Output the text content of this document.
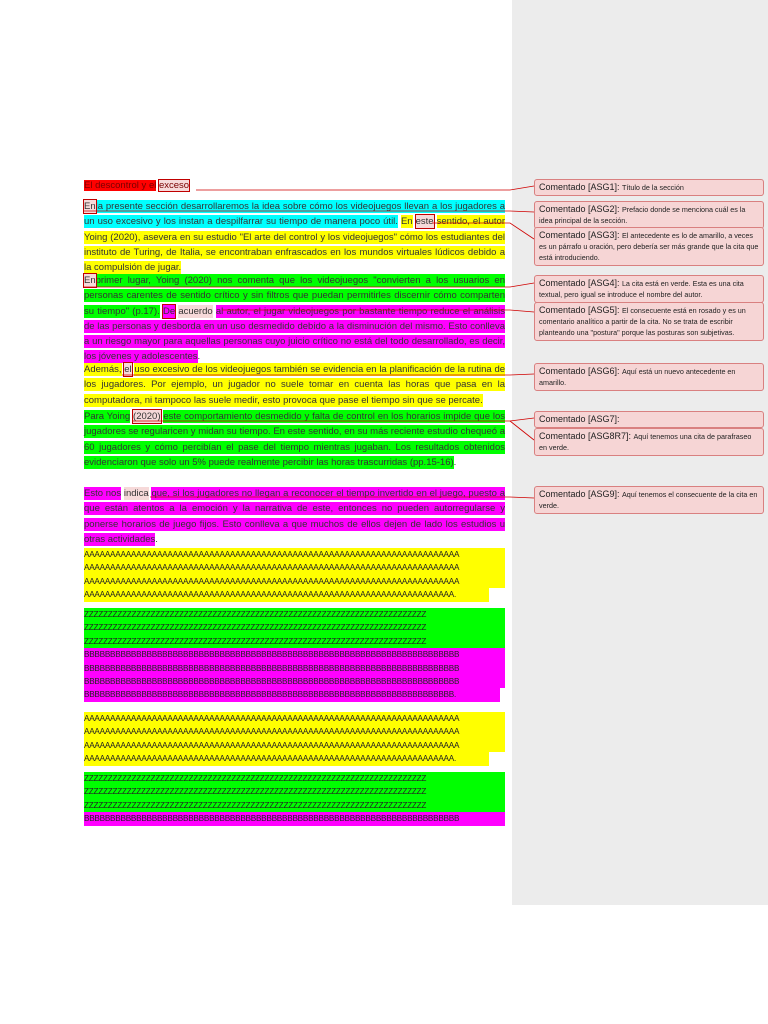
El descontrol y el exceso
Enla presente sección desarrollaremos la idea sobre cómo los videojuegos llevan a los jugadores a un uso excesivo y los instan a despilfarrar su tiempo de manera poco útil. En este sentido, el autor Yoing (2020), asevera en su estudio "El arte del control y los videojuegos" cómo los estudiantes del instituto de Turing, de Italia, se encontraban enfrascados en los mundos virtuales lúdicos debido a la compulsión de jugar.
Enprimer lugar, Yoing (2020) nos comenta que los videojuegos "convierten a los usuarios en personas carentes de sentido crítico y sin filtros que puedan permitirles discernir cómo comparten su tiempo" (p.17). De acuerdo al autor, el jugar videojuegos por bastante tiempo reduce el análisis de las personas y desborda en un uso desmedido debido a la disminución del mismo. Esto conlleva a un riesgo mayor para aquellas personas cuyo juicio crítico no está del todo desarrollado, es decir, los jóvenes y adolescentes.
Además, el uso excesivo de los videojuegos también se evidencia en la planificación de la rutina de los jugadores. Por ejemplo, un jugador no suele tomar en cuenta las horas que pasa en la computadora, ni tampoco las suele medir, esto provoca que pase el tiempo sin que se percate.
Para Yoing (2020) este comportamiento desmedido y falta de control en los horarios impide que los jugadores se regularicen y midan su tiempo. En este sentido, en su más reciente estudio chequeó a 60 jugadores y cómo percibían el pase del tiempo mientras jugaban. Los resultados obtenidos evidenciaron que solo un 5% puede realmente percibir las horas trascurridas (pp.15-16).
Esto nos indica que, si los jugadores no llegan a reconocer el tiempo invertido en el juego, puesto a que están atentos a la emoción y la narrativa de este, entonces no pueden autorregularse y ponerse horarios de juego fijos. Esto conlleva a que muchos de ellos dejen de lado los estudios u otras actividades.
AAAAAAAAAAAAAAAAAAAAAAAAAAAAAAAAAAAAAAAAAAAAAAAAAAAAAAAAAAAAAAAAAAAAAAAA
AAAAAAAAAAAAAAAAAAAAAAAAAAAAAAAAAAAAAAAAAAAAAAAAAAAAAAAAAAAAAAAAAAAAAAAA
AAAAAAAAAAAAAAAAAAAAAAAAAAAAAAAAAAAAAAAAAAAAAAAAAAAAAAAAAAAAAAAAAAAAAAAA
AAAAAAAAAAAAAAAAAAAAAAAAAAAAAAAAAAAAAAAAAAAAAAAAAAAAAAAAAAAAAAAAAAAAAAA.
ZZZZZZZZZZZZZZZZZZZZZZZZZZZZZZZZZZZZZZZZZZZZZZZZZZZZZZZZZZZZZZZZZZZZZZZZ
ZZZZZZZZZZZZZZZZZZZZZZZZZZZZZZZZZZZZZZZZZZZZZZZZZZZZZZZZZZZZZZZZZZZZZZZZ
ZZZZZZZZZZZZZZZZZZZZZZZZZZZZZZZZZZZZZZZZZZZZZZZZZZZZZZZZZZZZZZZZZZZZZZZZ
BBBBBBBBBBBBBBBBBBBBBBBBBBBBBBBBBBBBBBBBBBBBBBBBBBBBBBBBBBBBBBBBBBBBBBBB
BBBBBBBBBBBBBBBBBBBBBBBBBBBBBBBBBBBBBBBBBBBBBBBBBBBBBBBBBBBBBBBBBBBBBBBB
BBBBBBBBBBBBBBBBBBBBBBBBBBBBBBBBBBBBBBBBBBBBBBBBBBBBBBBBBBBBBBBBBBBBBBBB
BBBBBBBBBBBBBBBBBBBBBBBBBBBBBBBBBBBBBBBBBBBBBBBBBBBBBBBBBBBBBBBBBBBBBBB.
AAAAAAAAAAAAAAAAAAAAAAAAAAAAAAAAAAAAAAAAAAAAAAAAAAAAAAAAAAAAAAAAAAAAAAAA
AAAAAAAAAAAAAAAAAAAAAAAAAAAAAAAAAAAAAAAAAAAAAAAAAAAAAAAAAAAAAAAAAAAAAAAA
AAAAAAAAAAAAAAAAAAAAAAAAAAAAAAAAAAAAAAAAAAAAAAAAAAAAAAAAAAAAAAAAAAAAAAAA
AAAAAAAAAAAAAAAAAAAAAAAAAAAAAAAAAAAAAAAAAAAAAAAAAAAAAAAAAAAAAAAAAAAAAAA.
ZZZZZZZZZZZZZZZZZZZZZZZZZZZZZZZZZZZZZZZZZZZZZZZZZZZZZZZZZZZZZZZZZZZZZZZZ
ZZZZZZZZZZZZZZZZZZZZZZZZZZZZZZZZZZZZZZZZZZZZZZZZZZZZZZZZZZZZZZZZZZZZZZZZ
ZZZZZZZZZZZZZZZZZZZZZZZZZZZZZZZZZZZZZZZZZZZZZZZZZZZZZZZZZZZZZZZZZZZZZZZZ
BBBBBBBBBBBBBBBBBBBBBBBBBBBBBBBBBBBBBBBBBBBBBBBBBBBBBBBBBBBBBBBBBBBBBBBB
Comentado [ASG1]: Título de la sección
Comentado [ASG2]: Prefacio donde se menciona cuál es la idea principal de la sección.
Comentado [ASG3]: El antecedente es lo de amarillo, a veces es un párrafo u oración, pero debería ser más grande que la cita que está introduciendo.
Comentado [ASG4]: La cita está en verde. Esta es una cita textual, pero igual se introduce el nombre del autor.
Comentado [ASG5]: El consecuente está en rosado y es un comentario analítico a partir de la cita. No se trata de escribir planteando una "postura" porque las posturas son subjetivas.
Comentado [ASG6]: Aquí está un nuevo antecedente en amarillo.
Comentado [ASG7]:
Comentado [ASG8R7]: Aquí tenemos una cita de parafraseo en verde.
Comentado [ASG9]: Aquí tenemos el consecuente de la cita en verde.
